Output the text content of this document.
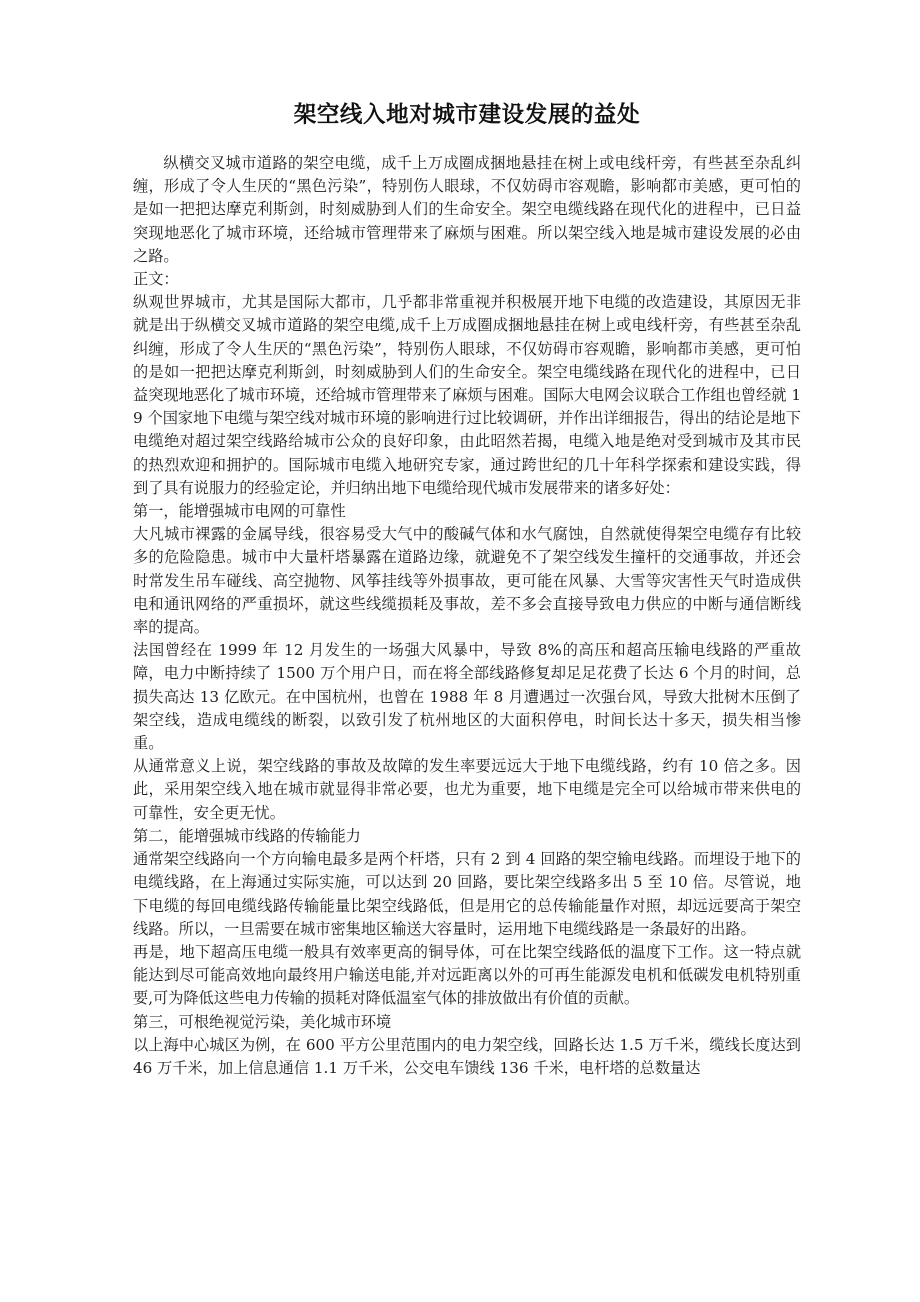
架空线入地对城市建设发展的益处

纵横交叉城市道路的架空电缆，成千上万成圈成捆地悬挂在树上或电线杆旁，有些甚至杂乱纠缠，形成了令人生厌的“黑色污染”，特别伤人眼球，不仅妨碍市容观瞻，影响都市美感，更可怕的是如一把把达摩克利斯剑，时刻威胁到人们的生命安全。架空电缆线路在现代化的进程中，已日益突现地恶化了城市环境，还给城市管理带来了麻烦与困难。所以架空线入地是城市建设发展的必由之路。

正文：

纵观世界城市，尤其是国际大都市，几乎都非常重视并积极展开地下电缆的改造建设，其原因无非就是出于纵横交叉城市道路的架空电缆,成千上万成圈成捆地悬挂在树上或电线杆旁，有些甚至杂乱纠缠，形成了令人生厌的“黑色污染”，特别伤人眼球，不仅妨碍市容观瞻，影响都市美感，更可怕的是如一把把达摩克利斯剑，时刻威胁到人们的生命安全。架空电缆线路在现代化的进程中，已日益突现地恶化了城市环境，还给城市管理带来了麻烦与困难。国际大电网会议联合工作组也曾经就 19 个国家地下电缆与架空线对城市环境的影响进行过比较调研，并作出详细报告，得出的结论是地下电缆绝对超过架空线路给城市公众的良好印象，由此昭然若揭，电缆入地是绝对受到城市及其市民的热烈欢迎和拥护的。国际城市电缆入地研究专家，通过跨世纪的几十年科学探索和建设实践，得到了具有说服力的经验定论，并归纳出地下电缆给现代城市发展带来的诸多好处：

第一，能增强城市电网的可靠性

大凡城市裸露的金属导线，很容易受大气中的酸碱气体和水气腐蚀，自然就使得架空电缆存有比较多的危险隐患。城市中大量杆塔暴露在道路边缘，就避免不了架空线发生撞杆的交通事故，并还会时常发生吊车碰线、高空抛物、风筝挂线等外损事故，更可能在风暴、大雪等灾害性天气时造成供电和通讯网络的严重损坏，就这些线缆损耗及事故，差不多会直接导致电力供应的中断与通信断线率的提高。

法国曾经在 1999 年 12 月发生的一场强大风暴中，导致 8%的高压和超高压输电线路的严重故障，电力中断持续了 1500 万个用户日，而在将全部线路修复却足足花费了长达 6 个月的时间，总损失高达 13 亿欧元。在中国杭州，也曾在 1988 年 8 月遭遇过一次强台风，导致大批树木压倒了架空线，造成电缆线的断裂，以致引发了杭州地区的大面积停电，时间长达十多天，损失相当惨重。

从通常意义上说，架空线路的事故及故障的发生率要远远大于地下电缆线路，约有 10 倍之多。因此，采用架空线入地在城市就显得非常必要，也尤为重要，地下电缆是完全可以给城市带来供电的可靠性，安全更无忧。

第二，能增强城市线路的传输能力

通常架空线路向一个方向输电最多是两个杆塔，只有 2 到 4 回路的架空输电线路。而埋设于地下的电缆线路，在上海通过实际实施，可以达到 20 回路，要比架空线路多出 5 至 10 倍。尽管说，地下电缆的每回电缆线路传输能量比架空线路低，但是用它的总传输能量作对照，却远远要高于架空线路。所以，一旦需要在城市密集地区输送大容量时，运用地下电缆线路是一条最好的出路。

再是，地下超高压电缆一般具有效率更高的铜导体，可在比架空线路低的温度下工作。这一特点就能达到尽可能高效地向最终用户输送电能,并对远距离以外的可再生能源发电机和低碳发电机特别重要,可为降低这些电力传输的损耗对降低温室气体的排放做出有价值的贡献。

第三，可根绝视觉污染，美化城市环境

以上海中心城区为例，在 600 平方公里范围内的电力架空线，回路长达 1.5 万千米，缆线长度达到 46 万千米，加上信息通信 1.1 万千米，公交电车馈线 136 千米，电杆塔的总数量达
